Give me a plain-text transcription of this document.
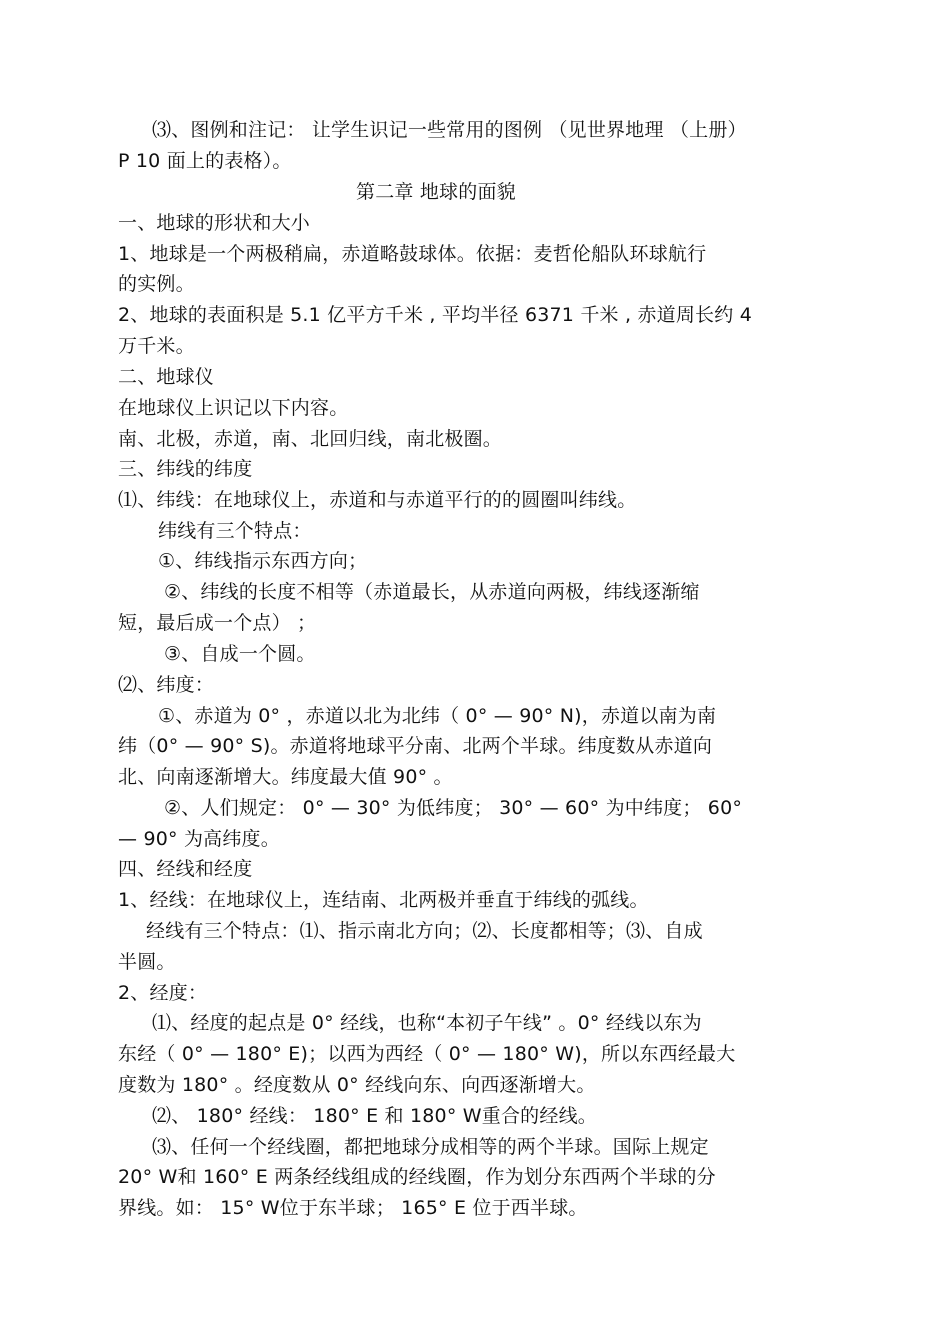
⑶、图例和注记： 让学生识记一些常用的图例 （见世界地理 （上册）

P 10 面上的表格）。

第二章 地球的面貌

一、地球的形状和大小

1、地球是一个两极稍扁，赤道略鼓球体。依据：麦哲伦船队环球航行

的实例。

2、地球的表面积是 5.1 亿平方千米 , 平均半径 6371 千米 , 赤道周长约 4

万千米。

二、地球仪

在地球仪上识记以下内容。

南、北极，赤道，南、北回归线，南北极圈。

三、纬线的纬度

⑴、纬线：在地球仪上，赤道和与赤道平行的的圆圈叫纬线。

纬线有三个特点：

①、纬线指示东西方向；

②、纬线的长度不相等（赤道最长，从赤道向两极，纬线逐渐缩

短，最后成一个点） ；

③、自成一个圆。

⑵、纬度：

①、赤道为 0° ，赤道以北为北纬（ 0° — 90° N)，赤道以南为南

纬（0° — 90° S)。赤道将地球平分南、北两个半球。纬度数从赤道向

北、向南逐渐增大。纬度最大值 90° 。

②、人们规定： 0° — 30° 为低纬度； 30° — 60° 为中纬度； 60°

— 90° 为高纬度。

四、经线和经度

1、经线：在地球仪上，连结南、北两极并垂直于纬线的弧线。

经线有三个特点：⑴、指示南北方向；⑵、长度都相等；⑶、自成

半圆。

2、经度：

⑴、经度的起点是 0° 经线，也称“本初子午线” 。0° 经线以东为

东经（ 0° — 180° E)；以西为西经（ 0° — 180° W)，所以东西经最大

度数为 180° 。经度数从 0° 经线向东、向西逐渐增大。

⑵、 180° 经线： 180° E 和 180° W重合的经线。

⑶、任何一个经线圈，都把地球分成相等的两个半球。国际上规定

20° W和 160° E 两条经线组成的经线圈，作为划分东西两个半球的分

界线。如： 15° W位于东半球； 165° E 位于西半球。
